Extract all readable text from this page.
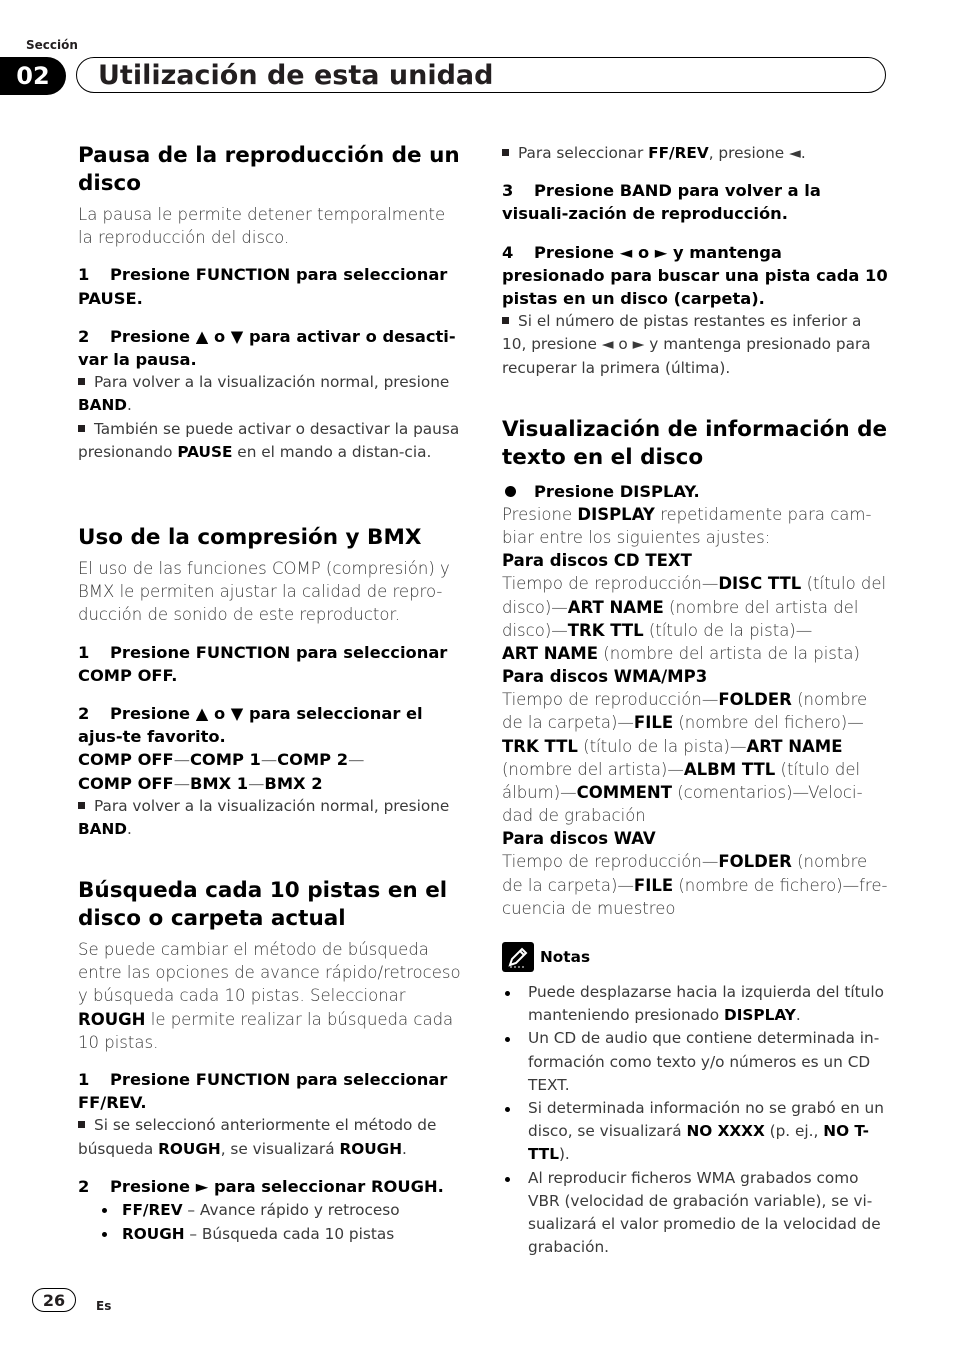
Sección
02	Utilización de esta unidad
Pausa de la reproducción de un disco

La pausa le permite detener temporalmente la reproducción del disco.

1 Presione FUNCTION para seleccionar PAUSE.

2 Presione ▲ o ▼ para activar o desacti-var la pausa.

Para volver a la visualización normal, presione BAND.

También se puede activar o desactivar la pausa presionando PAUSE en el mando a distan-cia.

Uso de la compresión y BMX

El uso de las funciones COMP (compresión) y BMX le permiten ajustar la calidad de repro-ducción de sonido de este reproductor.

1 Presione FUNCTION para seleccionar COMP OFF.

2 Presione ▲ o ▼ para seleccionar el ajus-te favorito.

COMP OFF—COMP 1—COMP 2—
COMP OFF—BMX 1—BMX 2

Para volver a la visualización normal, presione BAND.

Búsqueda cada 10 pistas en el disco o carpeta actual

Se puede cambiar el método de búsqueda entre las opciones de avance rápido/retroceso y búsqueda cada 10 pistas. Seleccionar ROUGH le permite realizar la búsqueda cada 10 pistas.

1 Presione FUNCTION para seleccionar FF/REV.

Si se seleccionó anteriormente el método de búsqueda ROUGH, se visualizará ROUGH.

2 Presione ► para seleccionar ROUGH.

FF/REV – Avance rápido y retroceso

ROUGH – Búsqueda cada 10 pistas

Para seleccionar FF/REV, presione ◄.

3 Presione BAND para volver a la visuali-zación de reproducción.

4 Presione ◄ o ► y mantenga presionado para buscar una pista cada 10 pistas en un disco (carpeta).

Si el número de pistas restantes es inferior a 10, presione ◄ o ► y mantenga presionado para recuperar la primera (última).

Visualización de información de texto en el disco

Presione DISPLAY.

Presione DISPLAY repetidamente para cam-biar entre los siguientes ajustes:

Para discos CD TEXT

Tiempo de reproducción—DISC TTL (título del disco)—ART NAME (nombre del artista del disco)—TRK TTL (título de la pista)—
ART NAME (nombre del artista de la pista)

Para discos WMA/MP3

Tiempo de reproducción—FOLDER (nombre de la carpeta)—FILE (nombre del fichero)—TRK TTL (título de la pista)—ART NAME (nombre del artista)—ALBM TTL (título del álbum)—COMMENT (comentarios)—Veloci-dad de grabación

Para discos WAV

Tiempo de reproducción—FOLDER (nombre de la carpeta)—FILE (nombre de fichero)—fre-cuencia de muestreo

Notas

Puede desplazarse hacia la izquierda del título manteniendo presionado DISPLAY.

Un CD de audio que contiene determinada in-formación como texto y/o números es un CD TEXT.

Si determinada información no se grabó en un disco, se visualizará NO XXXX (p. ej., NO T-TTL).

Al reproducir ficheros WMA grabados como VBR (velocidad de grabación variable), se vi-sualizará el valor promedio de la velocidad de grabación.

26	Es
